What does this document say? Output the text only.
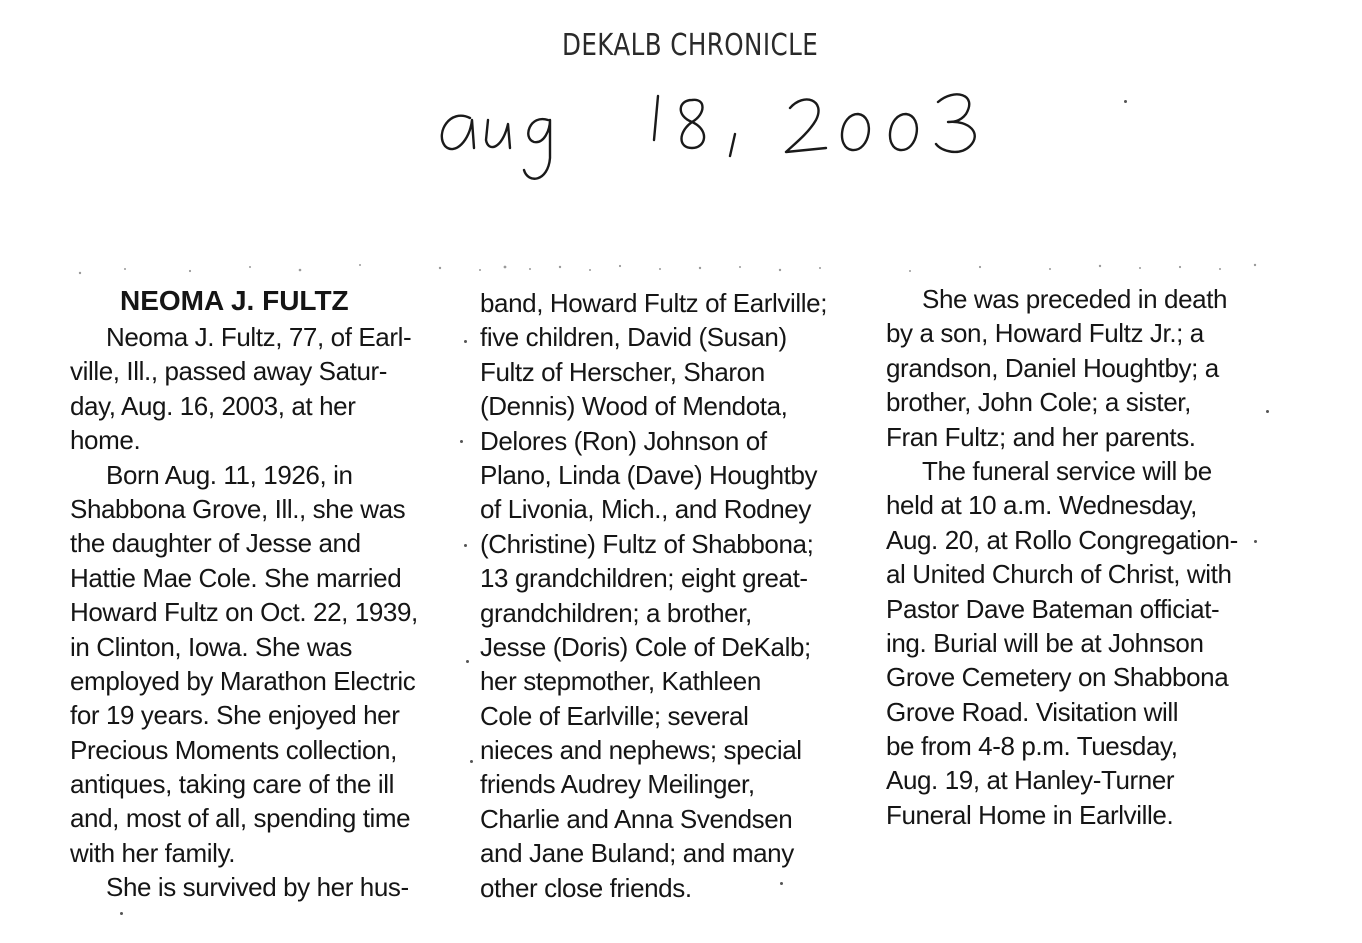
DEKALB CHRONICLE
NEOMA J. FULTZ
Neoma J. Fultz, 77, of Earl-
ville, Ill., passed away Satur-
day, Aug. 16, 2003, at her
home.
Born Aug. 11, 1926, in
Shabbona Grove, Ill., she was
the daughter of Jesse and
Hattie Mae Cole. She married
Howard Fultz on Oct. 22, 1939,
in Clinton, Iowa. She was
employed by Marathon Electric
for 19 years. She enjoyed her
Precious Moments collection,
antiques, taking care of the ill
and, most of all, spending time
with her family.
She is survived by her hus-
band, Howard Fultz of Earlville;
five children, David (Susan)
Fultz of Herscher, Sharon
(Dennis) Wood of Mendota,
Delores (Ron) Johnson of
Plano, Linda (Dave) Houghtby
of Livonia, Mich., and Rodney
(Christine) Fultz of Shabbona;
13 grandchildren; eight great-
grandchildren; a brother,
Jesse (Doris) Cole of DeKalb;
her stepmother, Kathleen
Cole of Earlville; several
nieces and nephews; special
friends Audrey Meilinger,
Charlie and Anna Svendsen
and Jane Buland; and many
other close friends.
She was preceded in death
by a son, Howard Fultz Jr.; a
grandson, Daniel Houghtby; a
brother, John Cole; a sister,
Fran Fultz; and her parents.
The funeral service will be
held at 10 a.m. Wednesday,
Aug. 20, at Rollo Congregation-
al United Church of Christ, with
Pastor Dave Bateman officiat-
ing. Burial will be at Johnson
Grove Cemetery on Shabbona
Grove Road. Visitation will
be from 4-8 p.m. Tuesday,
Aug. 19, at Hanley-Turner
Funeral Home in Earlville.
